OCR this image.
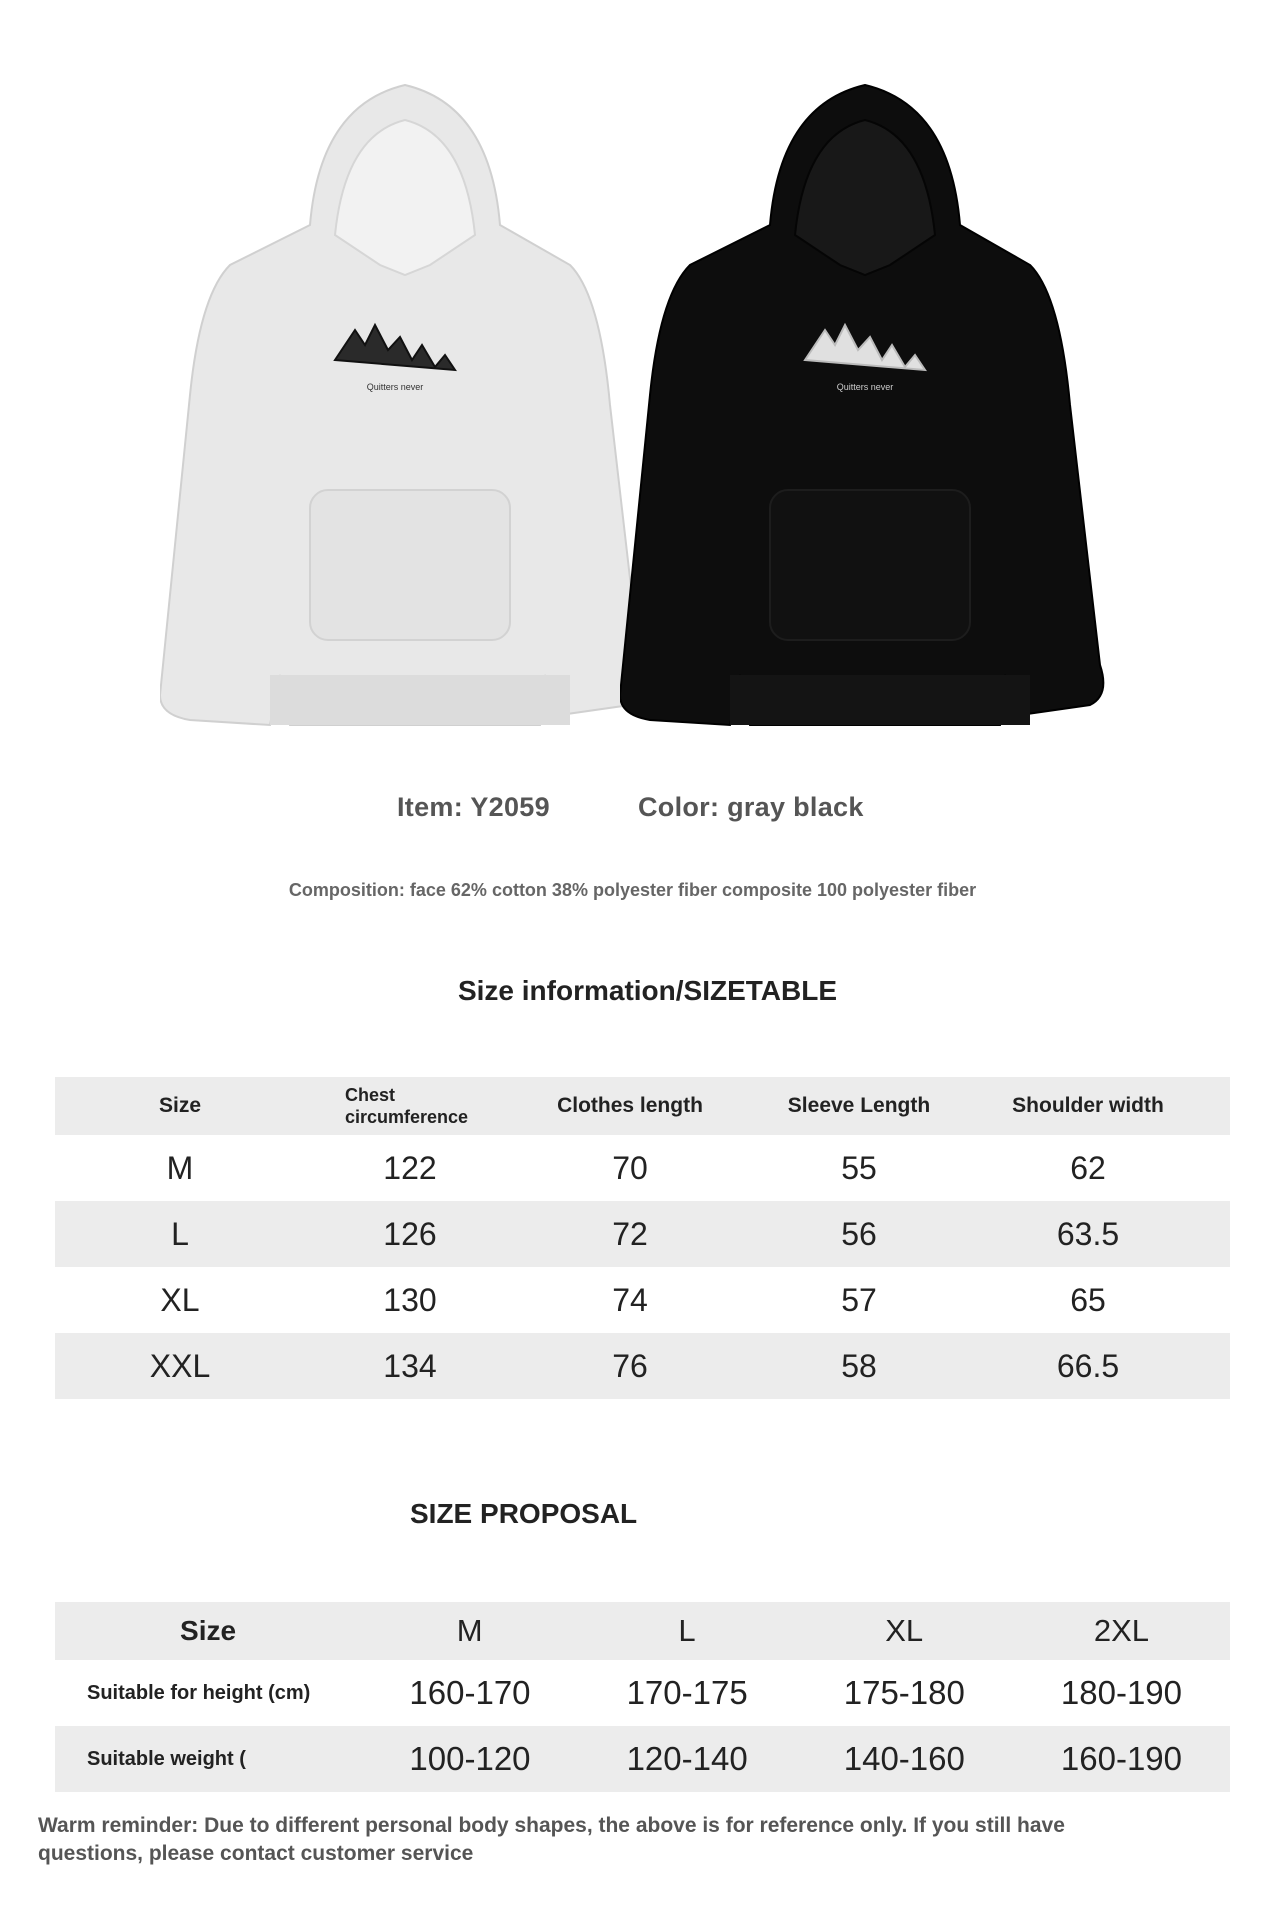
Quitters never	Quitters never
Item: Y2059	Color: gray black
Composition: face 62% cotton 38% polyester fiber composite 100 polyester fiber
Size information/SIZETABLE
Size	Chest circumference	Clothes length	Sleeve Length	Shoulder width
M	122	70	55	62
L	126	72	56	63.5
XL	130	74	57	65
XXL	134	76	58	66.5
SIZE PROPOSAL
Size	M	L	XL	2XL
Suitable for height (cm)	160-170	170-175	175-180	180-190
Suitable weight (	100-120	120-140	140-160	160-190
Warm reminder: Due to different personal body shapes, the above is for reference only. If you still have questions, please contact customer service
